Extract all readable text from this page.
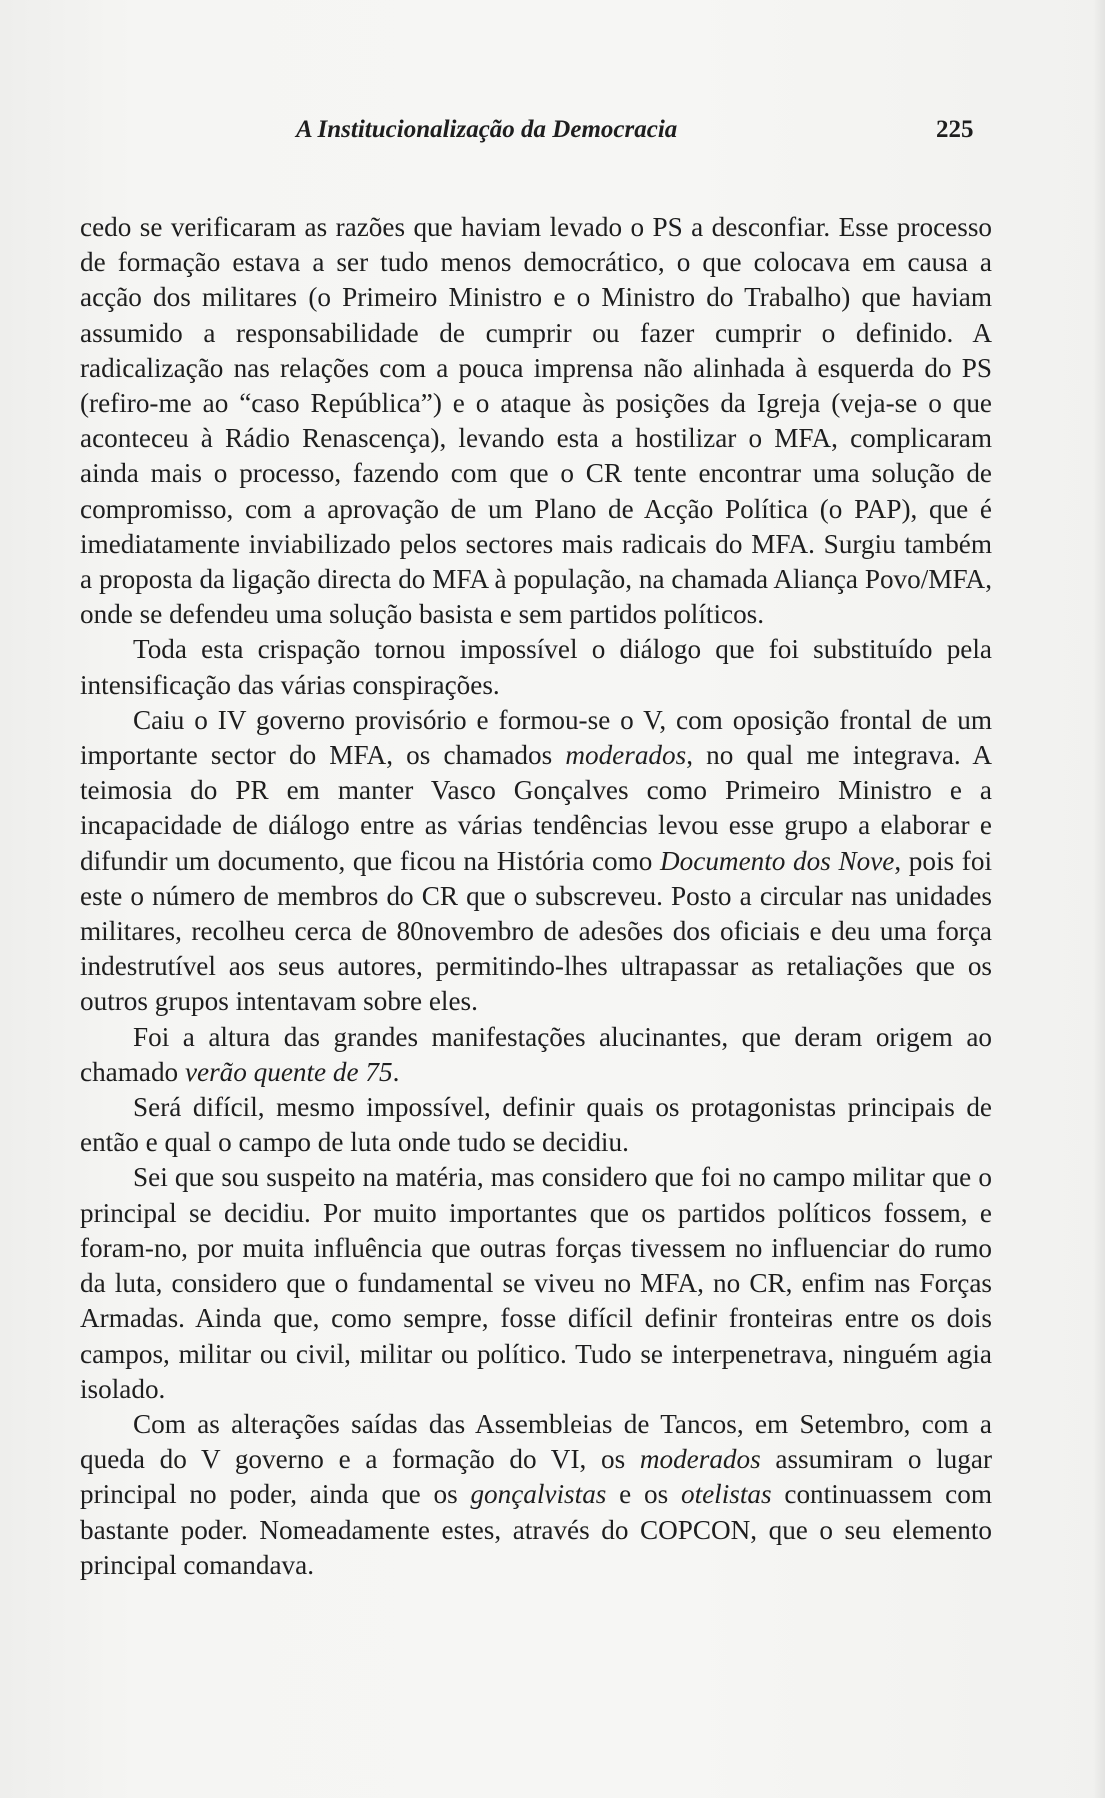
A Institucionalização da Democracia	225

cedo se verificaram as razões que haviam levado o PS a desconfiar. Esse processo de formação estava a ser tudo menos democrático, o que colocava em causa a acção dos militares (o Primeiro Ministro e o Ministro do Trabalho) que haviam assumido a responsabilidade de cumprir ou fazer cumprir o definido. A radicalização nas relações com a pouca imprensa não alinhada à esquerda do PS (refiro-me ao “caso República”) e o ataque às posições da Igreja (veja-se o que aconteceu à Rádio Renascença), levando esta a hostilizar o MFA, complicaram ainda mais o processo, fazendo com que o CR tente encontrar uma solução de compromisso, com a aprovação de um Plano de Acção Política (o PAP), que é imediatamente inviabilizado pelos sectores mais radicais do MFA. Surgiu também a proposta da ligação directa do MFA à população, na chamada Aliança Povo/MFA, onde se defendeu uma solução basista e sem partidos políticos.

Toda esta crispação tornou impossível o diálogo que foi substituído pela intensificação das várias conspirações.

Caiu o IV governo provisório e formou-se o V, com oposição frontal de um importante sector do MFA, os chamados moderados, no qual me integrava. A teimosia do PR em manter Vasco Gonçalves como Primeiro Ministro e a incapacidade de diálogo entre as várias tendências levou esse grupo a elaborar e difundir um documento, que ficou na História como Documento dos Nove, pois foi este o número de membros do CR que o subscreveu. Posto a circular nas unidades militares, recolheu cerca de 80novembro de adesões dos oficiais e deu uma força indestrutível aos seus autores, permitindo-lhes ultrapassar as retaliações que os outros grupos intentavam sobre eles.

Foi a altura das grandes manifestações alucinantes, que deram origem ao chamado verão quente de 75.

Será difícil, mesmo impossível, definir quais os protagonistas principais de então e qual o campo de luta onde tudo se decidiu.

Sei que sou suspeito na matéria, mas considero que foi no campo militar que o principal se decidiu. Por muito importantes que os partidos políticos fossem, e foram-no, por muita influência que outras forças tivessem no influenciar do rumo da luta, considero que o fundamental se viveu no MFA, no CR, enfim nas Forças Armadas. Ainda que, como sempre, fosse difícil definir fronteiras entre os dois campos, militar ou civil, militar ou político. Tudo se interpenetrava, ninguém agia isolado.

Com as alterações saídas das Assembleias de Tancos, em Setembro, com a queda do V governo e a formação do VI, os moderados assumiram o lugar principal no poder, ainda que os gonçalvistas e os otelistas continuassem com bastante poder. Nomeadamente estes, através do COPCON, que o seu elemento principal comandava.
